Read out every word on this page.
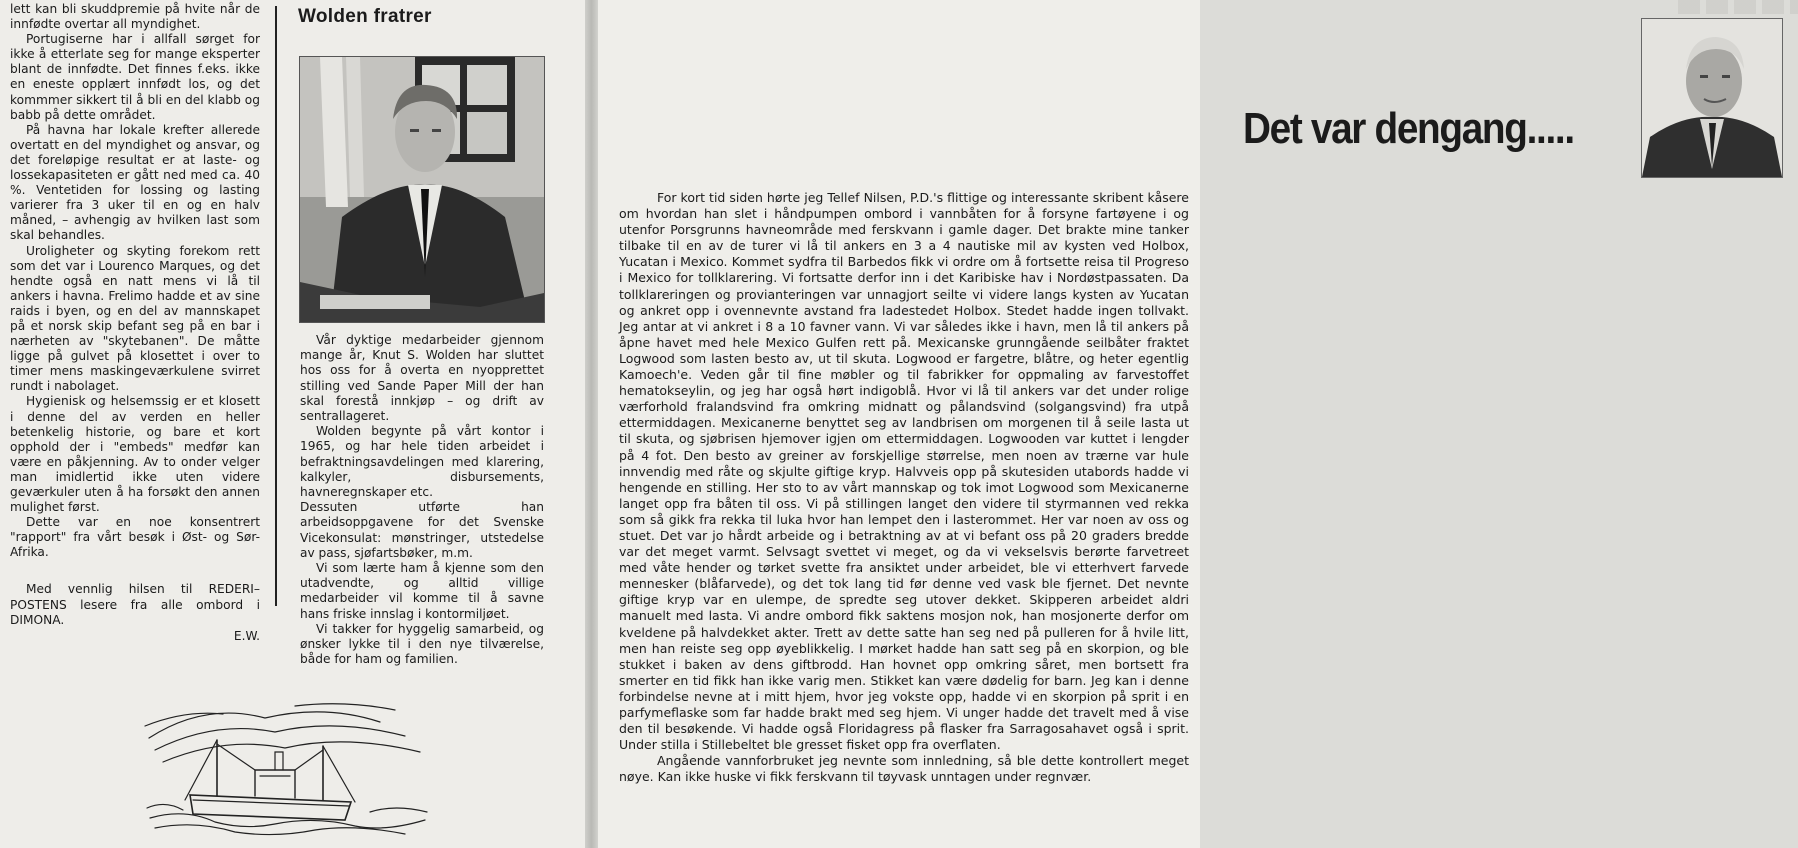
lett kan bli skuddpremie på hvite når de innfødte overtar all myndighet.

Portugiserne har i allfall sørget for ikke å etterlate seg for mange eksperter blant de innfødte. Det finnes f.eks. ikke en eneste opplært innfødt los, og det kommmer sikkert til å bli en del klabb og babb på dette området.

På havna har lokale krefter allerede overtatt en del myndighet og ansvar, og det foreløpige resultat er at laste- og lossekapasiteten er gått ned med ca. 40 %. Ventetiden for lossing og lasting varierer fra 3 uker til en og en halv måned, – avhengig av hvilken last som skal behandles.

Uroligheter og skyting forekom rett som det var i Lourenco Marques, og det hendte også en natt mens vi lå til ankers i havna. Frelimo hadde et av sine raids i byen, og en del av mannskapet på et norsk skip befant seg på en bar i nærheten av "skytebanen". De måtte ligge på gulvet på klosettet i over to timer mens maskingeværkulene svirret rundt i nabolaget.

Hygienisk og helsemssig er et klosett i denne del av verden en heller betenkelig historie, og bare et kort opphold der i "embeds" medfør kan være en påkjenning. Av to onder velger man imidlertid ikke uten videre geværkuler uten å ha forsøkt den annen mulighet først.

Dette var en noe konsentrert "rapport" fra vårt besøk i Øst- og Sør-Afrika.

Med vennlig hilsen til REDERI–POSTENS lesere fra alle ombord i DIMONA.

E.W.

Wolden fratrer

Vår dyktige medarbeider gjennom mange år, Knut S. Wolden har sluttet hos oss for å overta en nyopprettet stilling ved Sande Paper Mill der han skal forestå innkjøp – og drift av sentrallageret.

Wolden begynte på vårt kontor i 1965, og har hele tiden arbeidet i befraktningsavdelingen med klarering, kalkyler, disbursements, havneregnskaper etc.

Dessuten utførte han arbeidsoppgavene for det Svenske Vicekonsulat: mønstringer, utstedelse av pass, sjøfartsbøker, m.m.

Vi som lærte ham å kjenne som den utadvendte, og alltid villige medarbeider vil komme til å savne hans friske innslag i kontormiljøet.

Vi takker for hyggelig samarbeid, og ønsker lykke til i den nye tilværelse, både for ham og familien.

Det var dengang.....

For kort tid siden hørte jeg Tellef Nilsen, P.D.'s flittige og interessante skribent kåsere om hvordan han slet i håndpumpen ombord i vannbåten for å forsyne fartøyene i og utenfor Porsgrunns havneområde med ferskvann i gamle dager. Det brakte mine tanker tilbake til en av de turer vi lå til ankers en 3 a 4 nautiske mil av kysten ved Holbox, Yucatan i Mexico. Kommet sydfra til Barbedos fikk vi ordre om å fortsette reisa til Progreso i Mexico for tollklarering. Vi fortsatte derfor inn i det Karibiske hav i Nordøstpassaten. Da tollklareringen og provianteringen var unnagjort seilte vi videre langs kysten av Yucatan og ankret opp i ovennevnte avstand fra ladestedet Holbox. Stedet hadde ingen tollvakt. Jeg antar at vi ankret i 8 a 10 favner vann. Vi var således ikke i havn, men lå til ankers på åpne havet med hele Mexico Gulfen rett på. Mexicanske grunngående seilbåter fraktet Logwood som lasten besto av, ut til skuta. Logwood er fargetre, blåtre, og heter egentlig Kamoech'e. Veden går til fine møbler og til fabrikker for oppmaling av farvestoffet hematokseylin, og jeg har også hørt indigoblå. Hvor vi lå til ankers var det under rolige værforhold fralandsvind fra omkring midnatt og pålandsvind (solgangsvind) fra utpå ettermiddagen. Mexicanerne benyttet seg av landbrisen om morgenen til å seile lasta ut til skuta, og sjøbrisen hjemover igjen om ettermiddagen. Logwooden var kuttet i lengder på 4 fot. Den besto av greiner av forskjellige størrelse, men noen av trærne var hule innvendig med råte og skjulte giftige kryp. Halvveis opp på skutesiden utabords hadde vi hengende en stilling. Her sto to av vårt mannskap og tok imot Logwood som Mexicanerne langet opp fra båten til oss. Vi på stillingen langet den videre til styrmannen ved rekka som så gikk fra rekka til luka hvor han lempet den i lasterommet. Her var noen av oss og stuet. Det var jo hårdt arbeide og i betraktning av at vi befant oss på 20 graders bredde var det meget varmt. Selvsagt svettet vi meget, og da vi vekselsvis berørte farvetreet med våte hender og tørket svette fra ansiktet under arbeidet, ble vi etterhvert farvede mennesker (blåfarvede), og det tok lang tid før denne ved vask ble fjernet. Det nevnte giftige kryp var en ulempe, de spredte seg utover dekket. Skipperen arbeidet aldri manuelt med lasta. Vi andre ombord fikk saktens mosjon nok, han mosjonerte derfor om kveldene på halvdekket akter. Trett av dette satte han seg ned på pulleren for å hvile litt, men han reiste seg opp øyeblikkelig. I mørket hadde han satt seg på en skorpion, og ble stukket i baken av dens giftbrodd. Han hovnet opp omkring såret, men bortsett fra smerter en tid fikk han ikke varig men. Stikket kan være dødelig for barn. Jeg kan i denne forbindelse nevne at i mitt hjem, hvor jeg vokste opp, hadde vi en skorpion på sprit i en parfymeflaske som far hadde brakt med seg hjem. Vi unger hadde det travelt med å vise den til besøkende. Vi hadde også Floridagress på flasker fra Sarragosahavet også i sprit. Under stilla i Stillebeltet ble gresset fisket opp fra overflaten.

Angående vannforbruket jeg nevnte som innledning, så ble dette kontrollert meget nøye. Kan ikke huske vi fikk ferskvann til tøyvask unntagen under regnvær.
